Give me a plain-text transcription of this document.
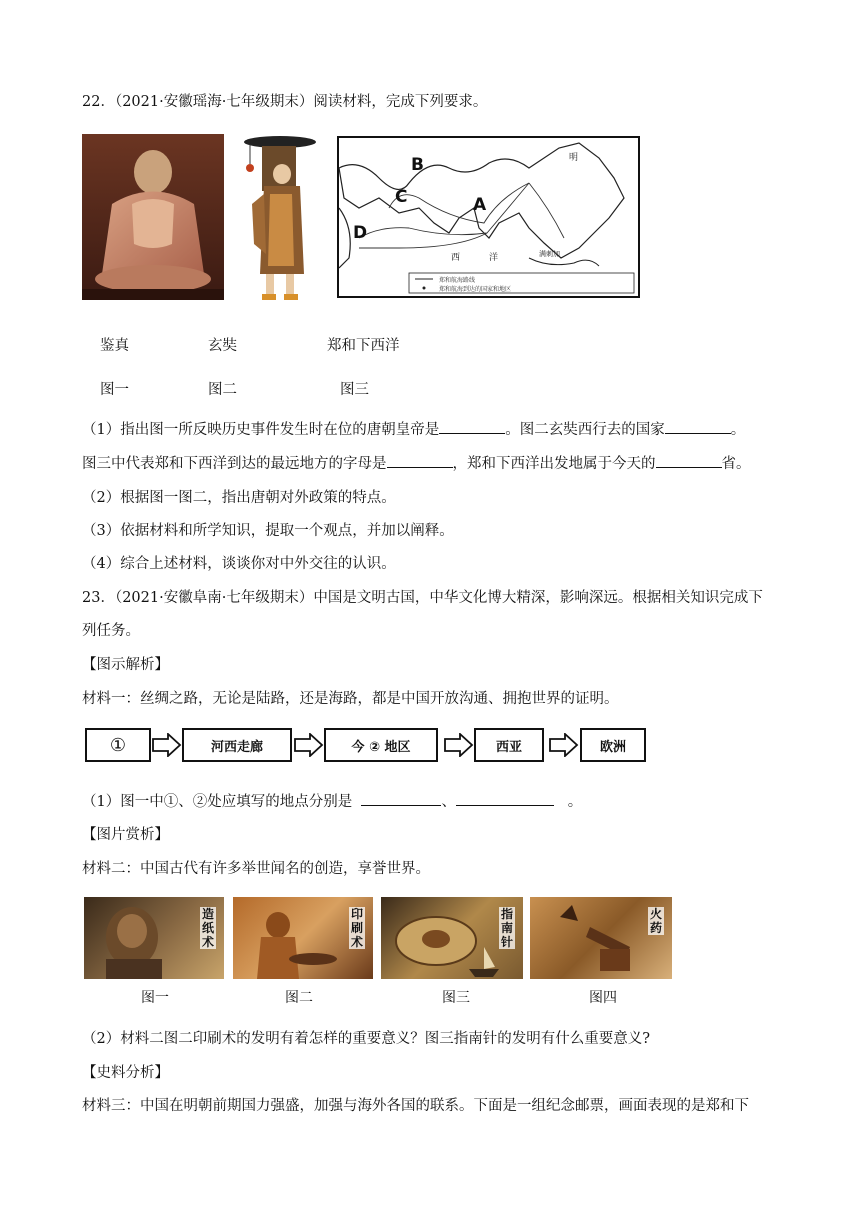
22．（2021·安徽瑶海·七年级期末）阅读材料，完成下列要求。
郑和航海路线
郑和航海到达的国家和地区
B
C	A
D
明
西	洋	满刺加
鉴真	玄奘	郑和下西洋
图一	图二	图三
（1）指出图一所反映历史事件发生时在位的唐朝皇帝是	。图二玄奘西行去的国家	。
图三中代表郑和下西洋到达的最远地方的字母是	，郑和下西洋出发地属于今天的	省。
（2）根据图一图二，指出唐朝对外政策的特点。
（3）依据材料和所学知识，提取一个观点，并加以阐释。
（4）综合上述材料，谈谈你对中外交往的认识。
23．（2021·安徽阜南·七年级期末）中国是文明古国，中华文化博大精深，影响深远。根据相关知识完成下
列任务。
【图示解析】
材料一：丝绸之路，无论是陆路，还是海路，都是中国开放沟通、拥抱世界的证明。
①	河西走廊	今 ② 地区	西亚	欧洲
（1）图一中①、②处应填写的地点分别是	、	。
【图片赏析】
材料二：中国古代有许多举世闻名的创造，享誉世界。
造纸术
印刷术
指南针
火药
图一	图二	图三	图四
（2）材料二图二印刷术的发明有着怎样的重要意义？图三指南针的发明有什么重要意义?
【史料分析】
材料三：中国在明朝前期国力强盛，加强与海外各国的联系。下面是一组纪念邮票，画面表现的是郑和下
